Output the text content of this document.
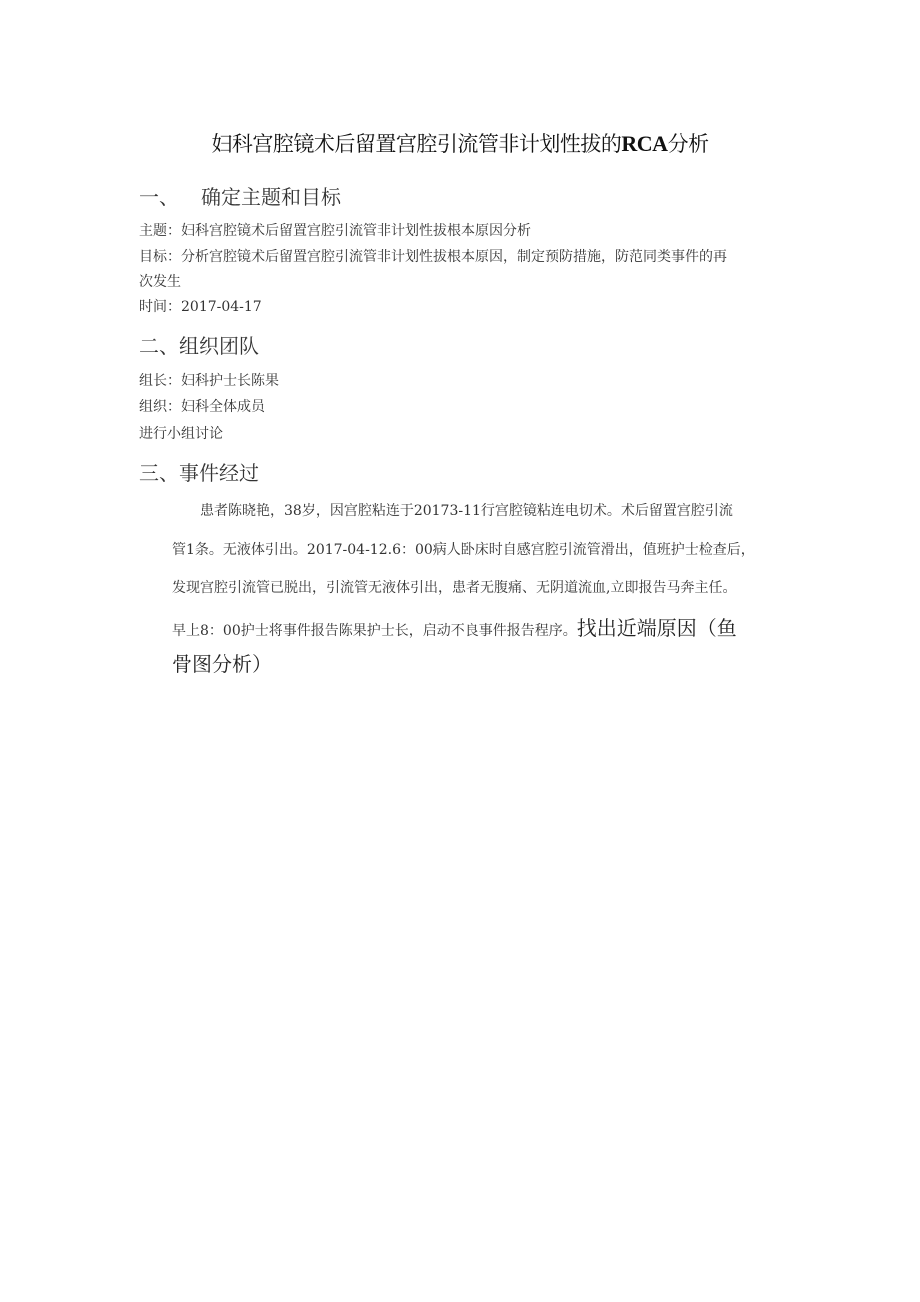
妇科宫腔镜术后留置宫腔引流管非计划性拔的RCA分析
一、 确定主题和目标
主题：妇科宫腔镜术后留置宫腔引流管非计划性拔根本原因分析
目标：分析宫腔镜术后留置宫腔引流管非计划性拔根本原因，制定预防措施，防范同类事件的再
次发生
时间：2017-04-17
二、组织团队
组长：妇科护士长陈果
组织：妇科全体成员
进行小组讨论
三、事件经过
　　患者陈晓艳，38岁，因宫腔粘连于20173-11行宫腔镜粘连电切术。术后留置宫腔引流
管1条。无液体引出。2017-04-12.6：00病人卧床时自感宫腔引流管滑出，值班护士检查后，
发现宫腔引流管已脱出，引流管无液体引出，患者无腹痛、无阴道流血,立即报告马奔主任。
早上8：00护士将事件报告陈果护士长，启动不良事件报告程序。找出近端原因（鱼
骨图分析）
